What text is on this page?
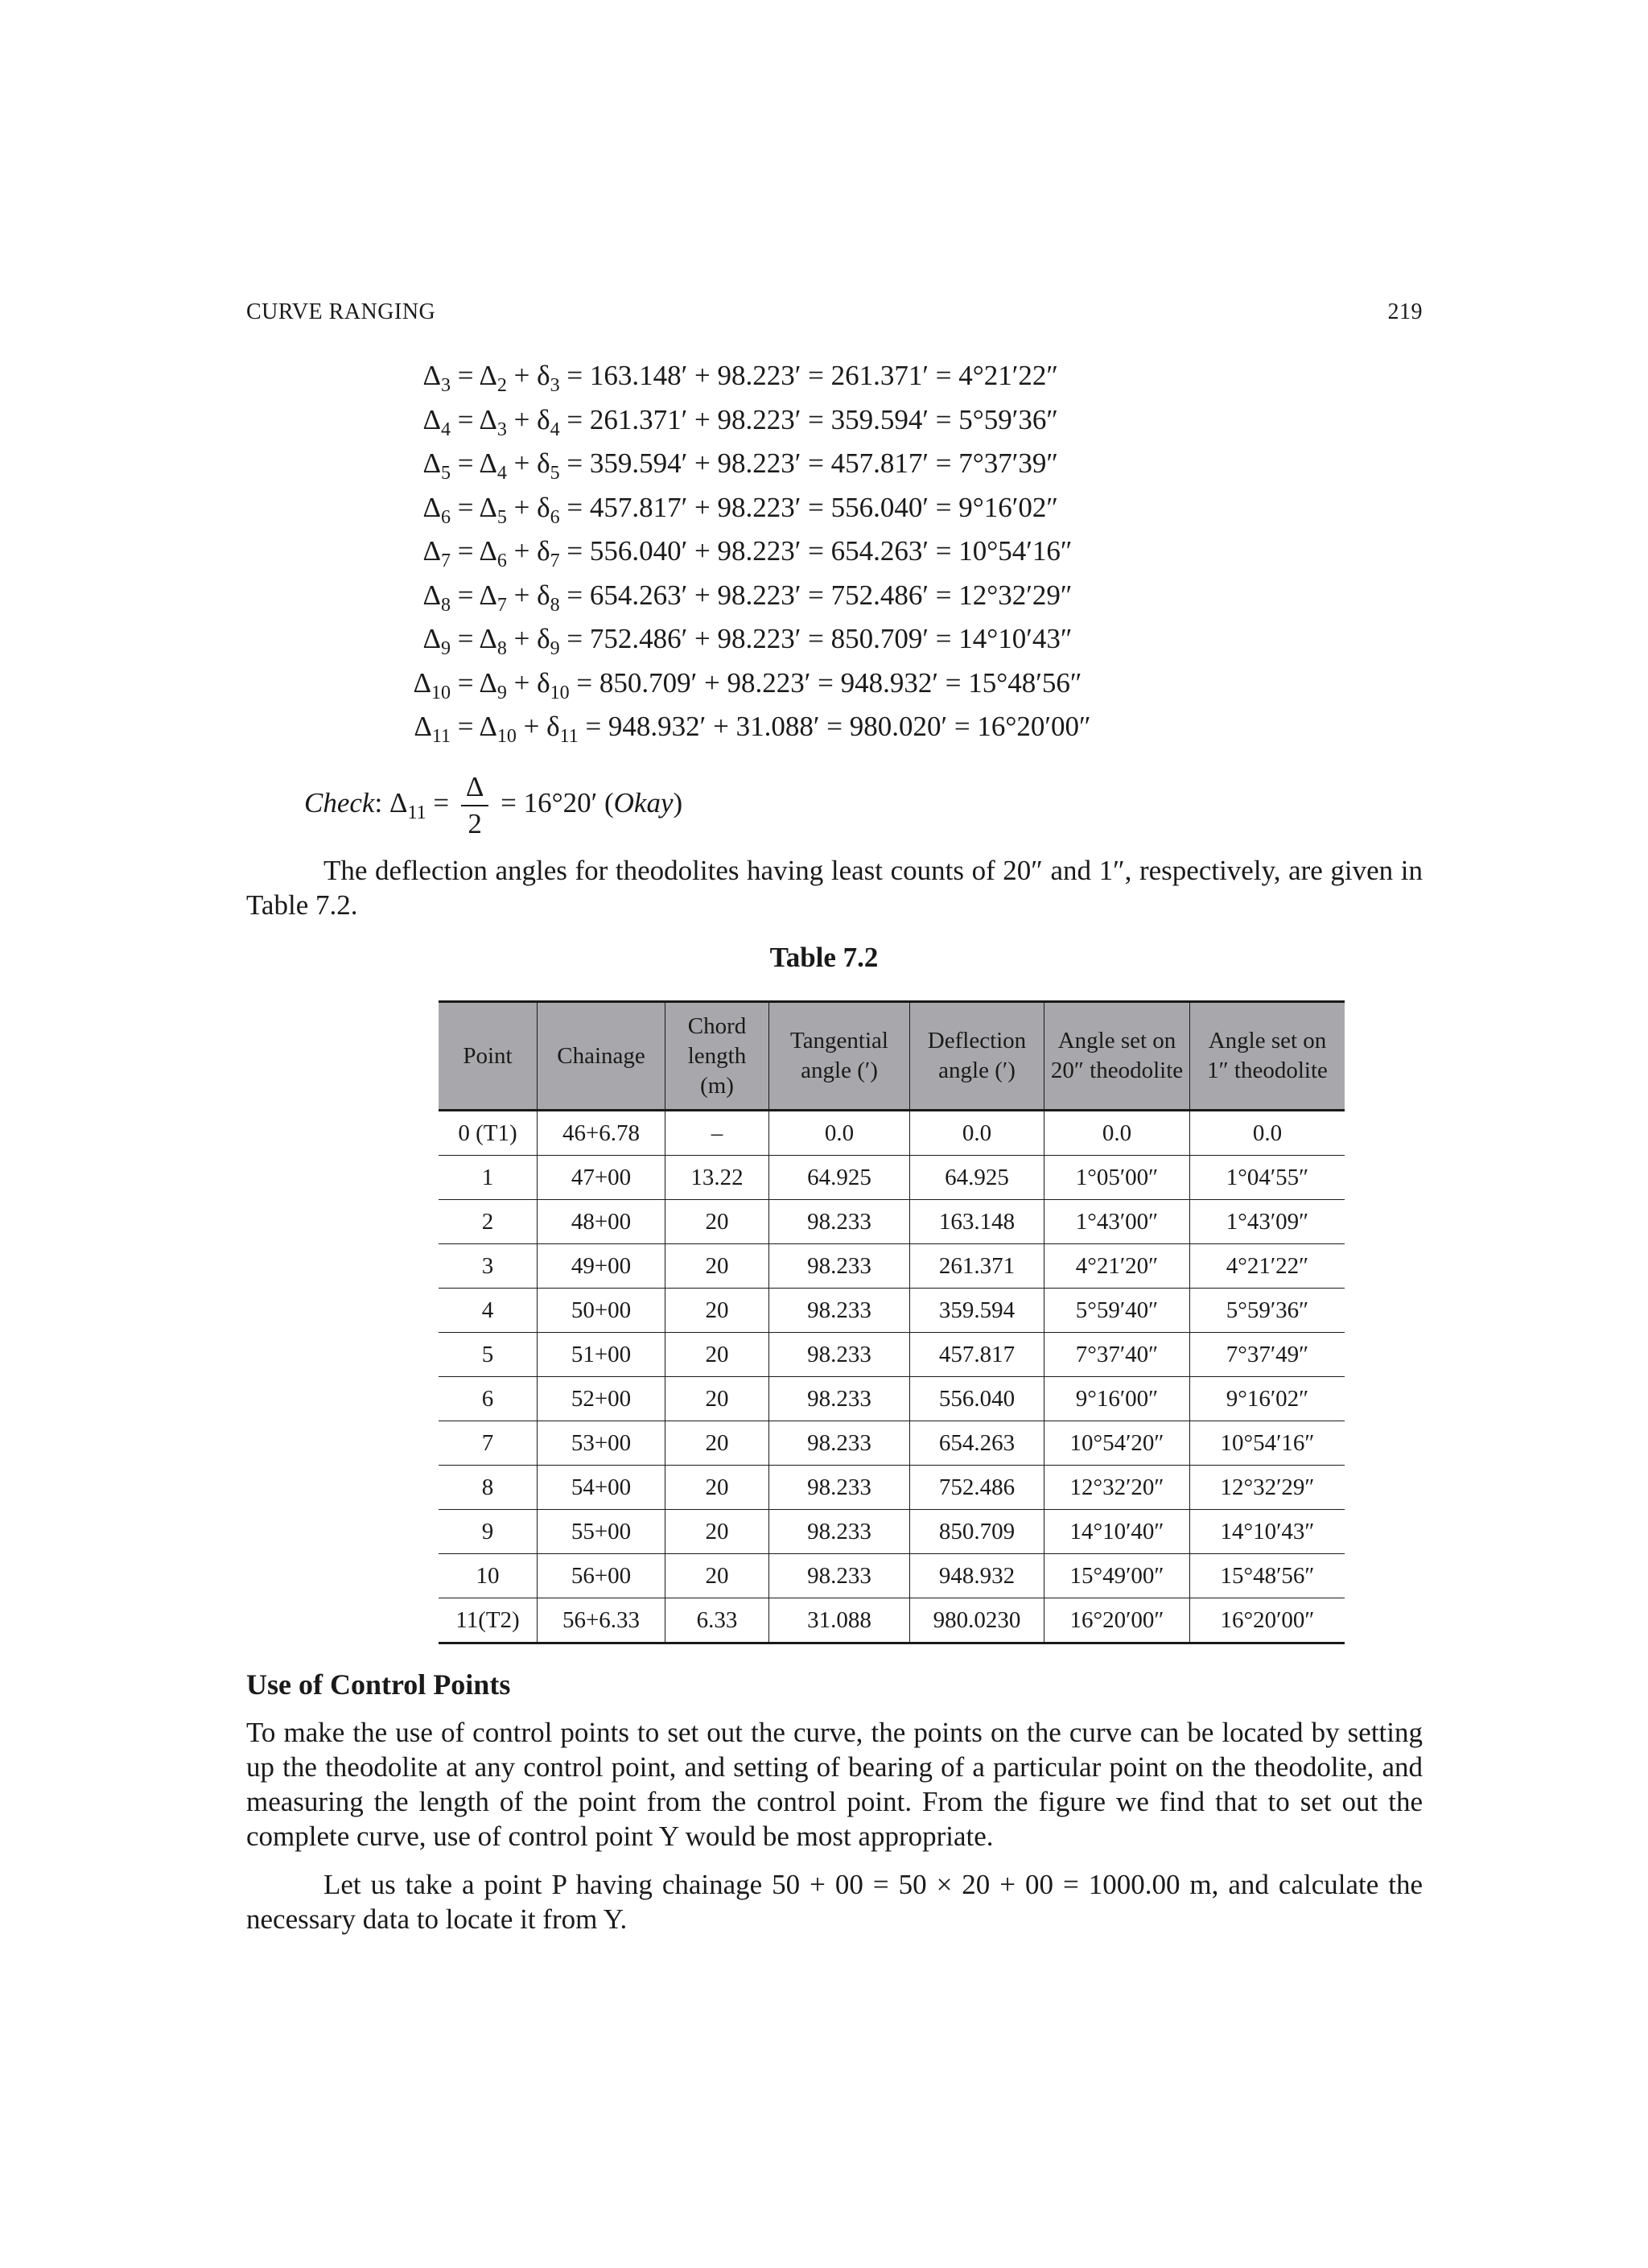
CURVE RANGING	219
$\Delta_3 = \Delta_2 + \delta_3 = 163.148' + 98.223' = 261.371' = 4^\circ 21'22''$
$\Delta_4 = \Delta_3 + \delta_4 = 261.371' + 98.223' = 359.594' = 5^\circ 59'36''$
$\Delta_5 = \Delta_4 + \delta_5 = 359.594' + 98.223' = 457.817' = 7^\circ 37'39''$
$\Delta_6 = \Delta_5 + \delta_6 = 457.817' + 98.223' = 556.040' = 9^\circ 16'02''$
$\Delta_7 = \Delta_6 + \delta_7 = 556.040' + 98.223' = 654.263' = 10^\circ 54'16''$
$\Delta_8 = \Delta_7 + \delta_8 = 654.263' + 98.223' = 752.486' = 12^\circ 32'29''$
$\Delta_9 = \Delta_8 + \delta_9 = 752.486' + 98.223' = 850.709' = 14^\circ 10'43''$
$\Delta_{10} = \Delta_9 + \delta_{10} = 850.709' + 98.223' = 948.932' = 15^\circ 48'56''$
$\Delta_{11} = \Delta_{10} + \delta_{11} = 948.932' + 31.088' = 980.020' = 16^\circ 20'00''$
Check: $\Delta_{11} = \frac{\Delta}{2} = 16^\circ 20'$ (Okay)
The deflection angles for theodolites having least counts of 20″ and 1″, respectively, are given in Table 7.2.
Table 7.2
Point	Chainage	Chord length (m)	Tangential angle (′)	Deflection angle (′)	Angle set on 20″ theodolite	Angle set on 1″ theodolite
0 (T1)	46+6.78	–	0.0	0.0	0.0	0.0
1	47+00	13.22	64.925	64.925	1°05′00″	1°04′55″
2	48+00	20	98.233	163.148	1°43′00″	1°43′09″
3	49+00	20	98.233	261.371	4°21′20″	4°21′22″
4	50+00	20	98.233	359.594	5°59′40″	5°59′36″
5	51+00	20	98.233	457.817	7°37′40″	7°37′49″
6	52+00	20	98.233	556.040	9°16′00″	9°16′02″
7	53+00	20	98.233	654.263	10°54′20″	10°54′16″
8	54+00	20	98.233	752.486	12°32′20″	12°32′29″
9	55+00	20	98.233	850.709	14°10′40″	14°10′43″
10	56+00	20	98.233	948.932	15°49′00″	15°48′56″
11(T2)	56+6.33	6.33	31.088	980.0230	16°20′00″	16°20′00″
Use of Control Points
To make the use of control points to set out the curve, the points on the curve can be located by setting up the theodolite at any control point, and setting of bearing of a particular point on the theodolite, and measuring the length of the point from the control point. From the figure we find that to set out the complete curve, use of control point Y would be most appropriate.
Let us take a point P having chainage 50 + 00 = 50 × 20 + 00 = 1000.00 m, and calculate the necessary data to locate it from Y.
